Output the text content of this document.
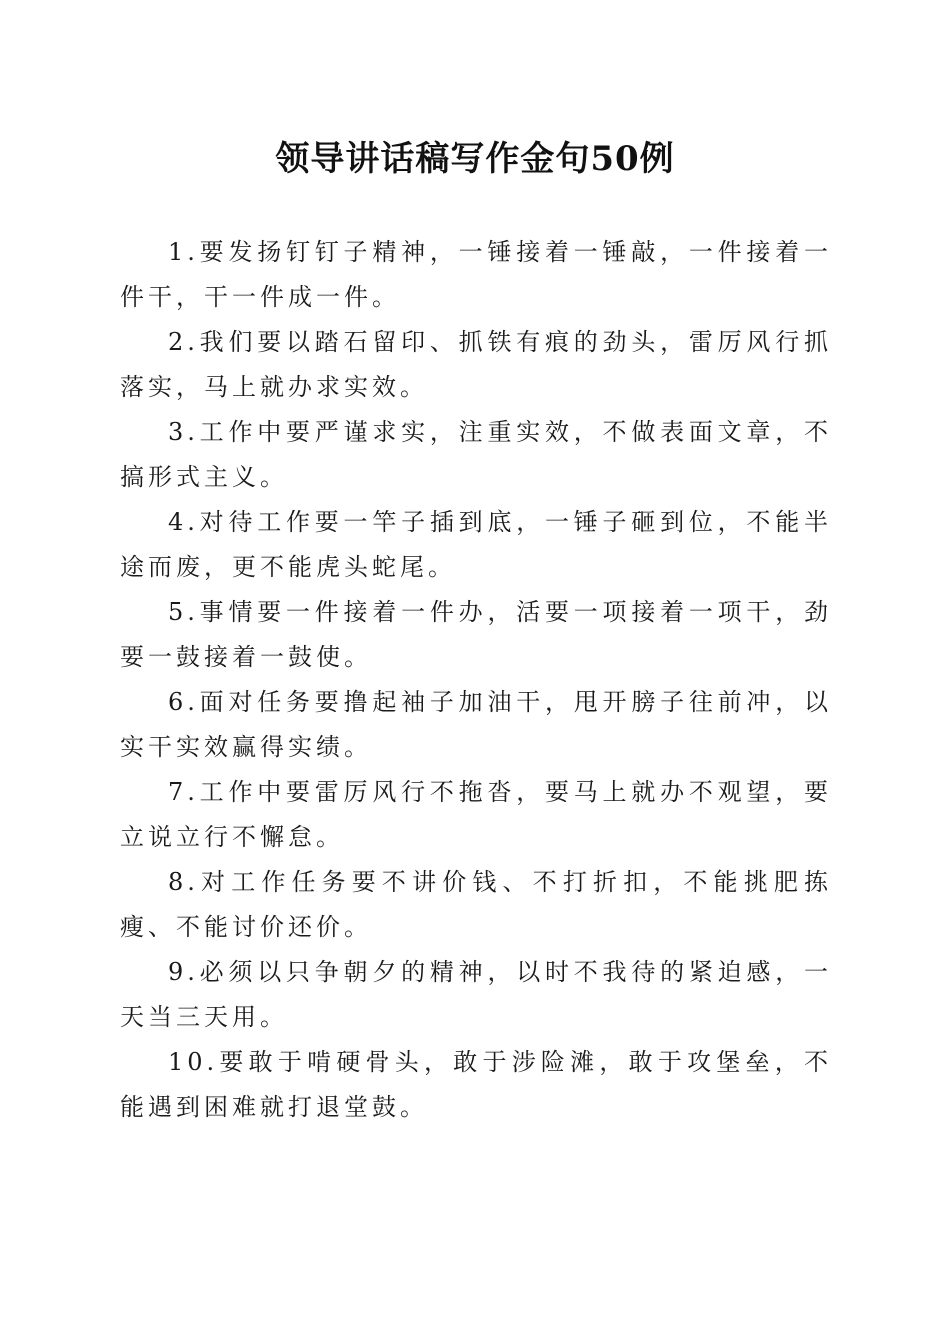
领导讲话稿写作金句50例

1.要发扬钉钉子精神，一锤接着一锤敲，一件接着一件干，干一件成一件。

2.我们要以踏石留印、抓铁有痕的劲头，雷厉风行抓落实，马上就办求实效。

3.工作中要严谨求实，注重实效，不做表面文章，不搞形式主义。

4.对待工作要一竿子插到底，一锤子砸到位，不能半途而废，更不能虎头蛇尾。

5.事情要一件接着一件办，活要一项接着一项干，劲要一鼓接着一鼓使。

6.面对任务要撸起袖子加油干，甩开膀子往前冲，以实干实效赢得实绩。

7.工作中要雷厉风行不拖沓，要马上就办不观望，要立说立行不懈怠。

8.对工作任务要不讲价钱、不打折扣，不能挑肥拣瘦、不能讨价还价。

9.必须以只争朝夕的精神，以时不我待的紧迫感，一天当三天用。

10.要敢于啃硬骨头，敢于涉险滩，敢于攻堡垒，不能遇到困难就打退堂鼓。
